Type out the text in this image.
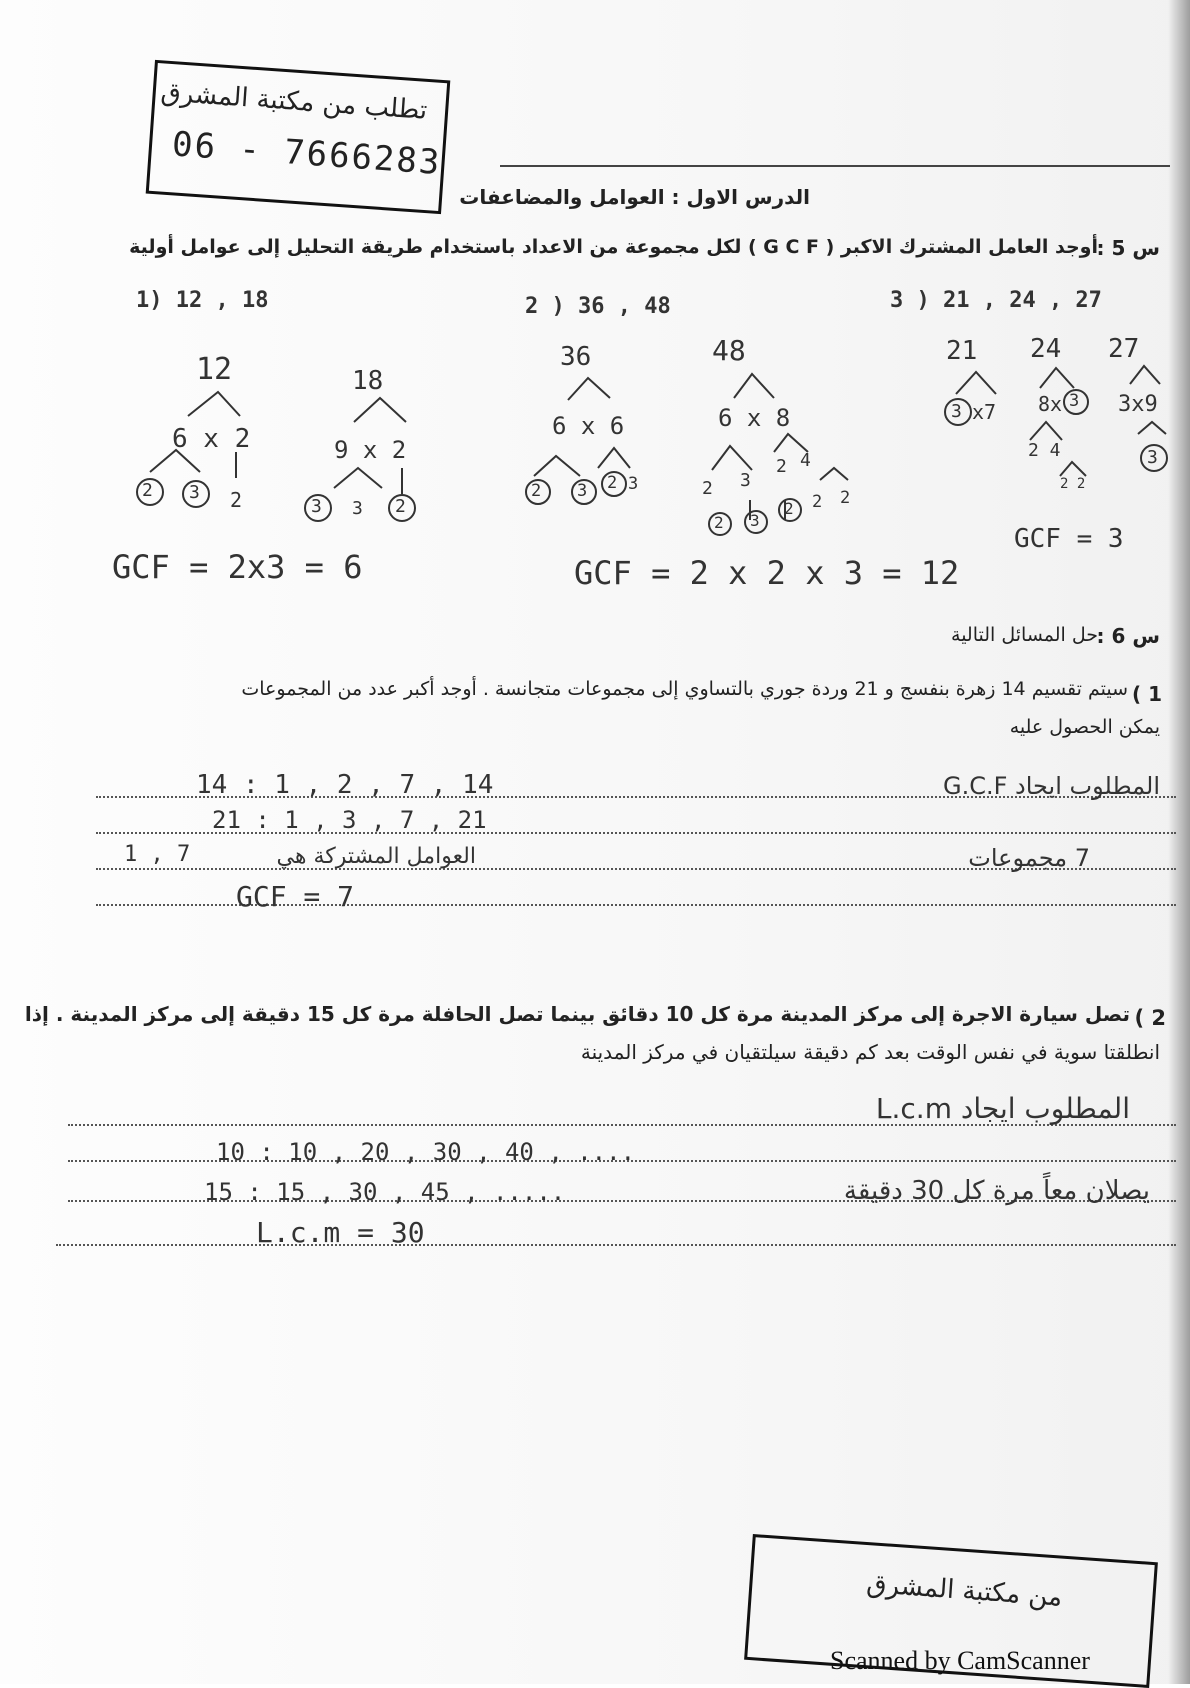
تطلب من مكتبة المشرق
06 - 7666283
الدرس الاول : العوامل والمضاعفات
س 5 :
أوجد العامل المشترك الاكبر ( G C F ) لكل مجموعة من الاعداد باستخدام طريقة التحليل إلى عوامل أولية
1) 12 , 18	2 ) 36 , 48	3 ) 21 , 24 , 27
12
6 x 2
2 3 2
18
9 x 2
3 3 2
36
6 x 6
2 3 2 3
48
6 x 8
2 3
2 4
2 3
2 2 2
21
3 x7
24
8x 3
2 4
2 2
27
3x9
3
GCF = 2x3 = 6	GCF = 2 x 2 x 3 = 12
GCF = 3
س 6 :
حل المسائل التالية
1 )
سيتم تقسيم 14 زهرة بنفسج و 21 وردة جوري بالتساوي إلى مجموعات متجانسة . أوجد أكبر عدد من المجموعات
يمكن الحصول عليه
14 : 1 , 2 , 7 , 14	المطلوب ايجاد G.C.F
21 : 1 , 3 , 7 , 21
1 , 7	العوامل المشتركة هي	7 مجموعات
GCF = 7
2 )
تصل سيارة الاجرة إلى مركز المدينة مرة كل 10 دقائق بينما تصل الحافلة مرة كل 15 دقيقة إلى مركز المدينة . إذا
انطلقتا سوية في نفس الوقت بعد كم دقيقة سيلتقيان في مركز المدينة
المطلوب ايجاد L.c.m
10 : 10 , 20 , 30 , 40 , ....
15 : 15 , 30 , 45 , .....	يصلان معاً مرة كل 30 دقيقة
L.c.m = 30
من مكتبة المشرق
Scanned by CamScanner
